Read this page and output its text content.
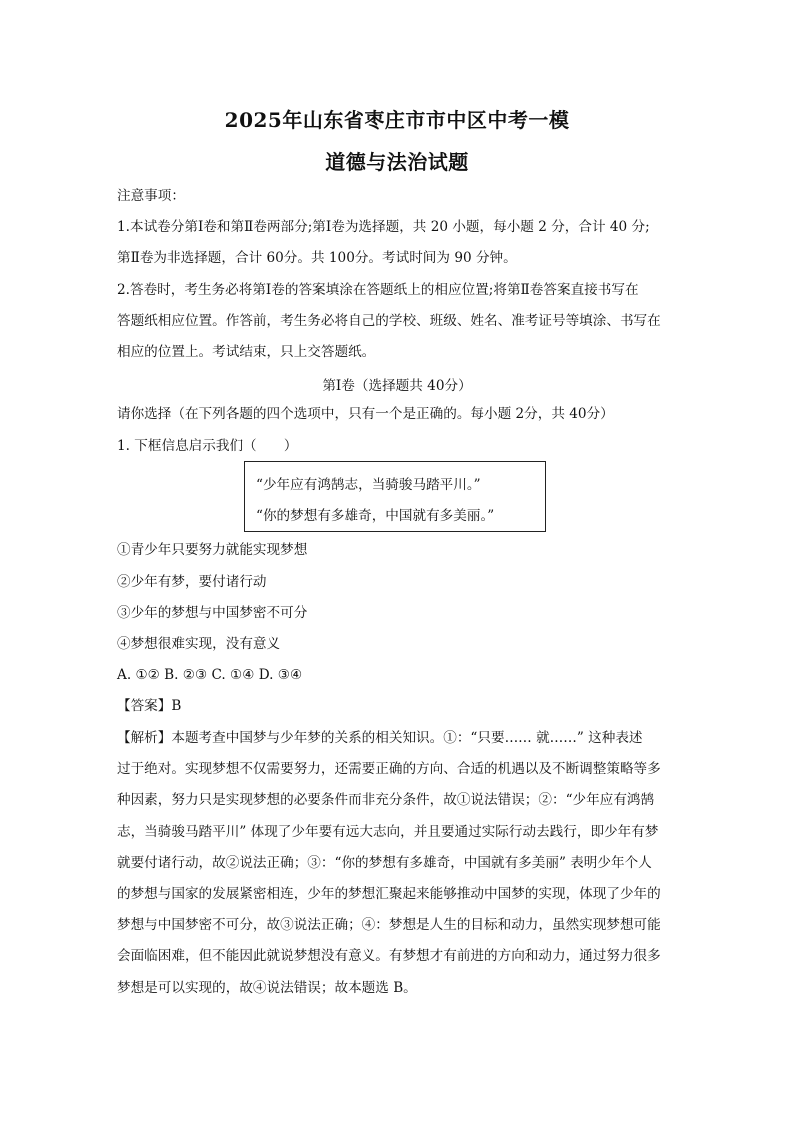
2025年山东省枣庄市市中区中考一模
道德与法治试题
注意事项：
1.本试卷分第Ⅰ卷和第Ⅱ卷两部分;第Ⅰ卷为选择题，共 20 小题，每小题 2 分，合计 40 分;
第Ⅱ卷为非选择题，合计 60分。共 100分。考试时间为 90 分钟。
2.答卷时，考生务必将第Ⅰ卷的答案填涂在答题纸上的相应位置;将第Ⅱ卷答案直接书写在
答题纸相应位置。作答前，考生务必将自己的学校、班级、姓名、准考证号等填涂、书写在
相应的位置上。考试结束，只上交答题纸。
第Ⅰ卷（选择题共 40分）
请你选择（在下列各题的四个选项中，只有一个是正确的。每小题 2分，共 40分）
1. 下框信息启示我们（　　）
“少年应有鸿鹄志，当骑骏马踏平川。”
“你的梦想有多雄奇，中国就有多美丽。”
①青少年只要努力就能实现梦想
②少年有梦，要付诸行动
③少年的梦想与中国梦密不可分
④梦想很难实现，没有意义
A. ①② B. ②③ C. ①④ D. ③④
【答案】B
【解析】本题考查中国梦与少年梦的关系的相关知识。①：“只要…… 就……” 这种表述
过于绝对。实现梦想不仅需要努力，还需要正确的方向、合适的机遇以及不断调整策略等多
种因素，努力只是实现梦想的必要条件而非充分条件，故①说法错误；②：“少年应有鸿鹄
志，当骑骏马踏平川” 体现了少年要有远大志向，并且要通过实际行动去践行，即少年有梦
就要付诸行动，故②说法正确；③：“你的梦想有多雄奇，中国就有多美丽” 表明少年个人
的梦想与国家的发展紧密相连，少年的梦想汇聚起来能够推动中国梦的实现，体现了少年的
梦想与中国梦密不可分，故③说法正确；④：梦想是人生的目标和动力，虽然实现梦想可能
会面临困难，但不能因此就说梦想没有意义。有梦想才有前进的方向和动力，通过努力很多
梦想是可以实现的，故④说法错误；故本题选 B。
